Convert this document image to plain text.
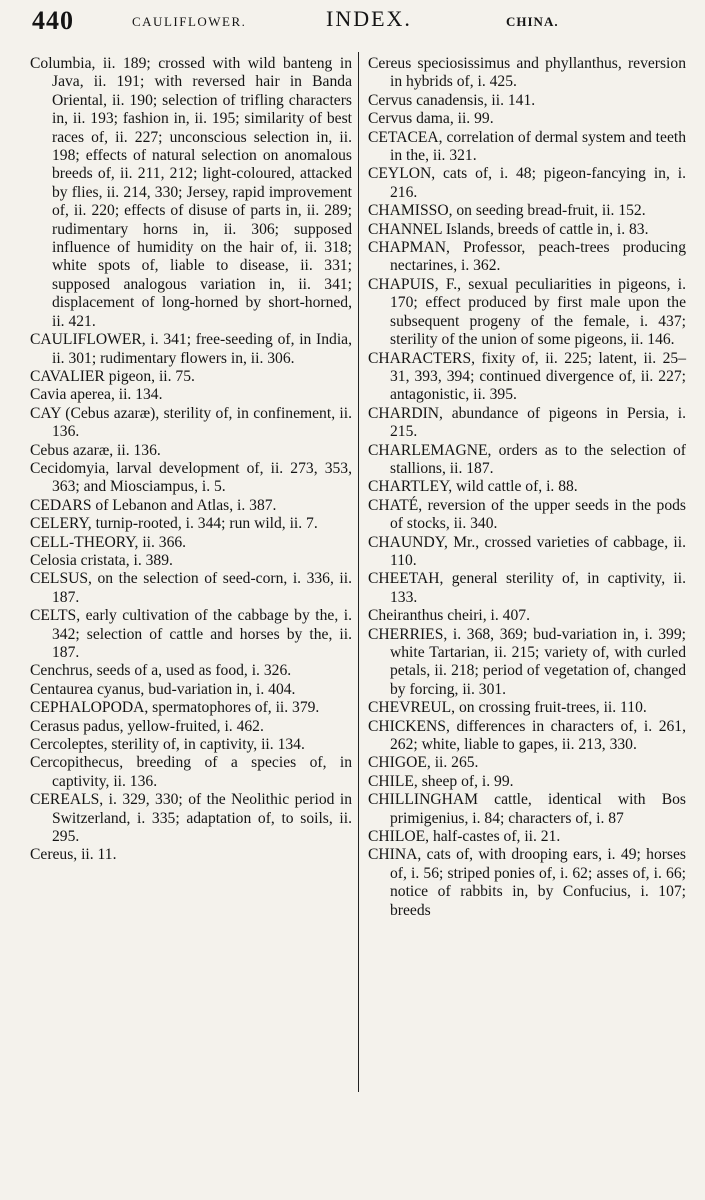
440	CAULIFLOWER.	INDEX.	CHINA.

Columbia, ii. 189; crossed with wild banteng in Java, ii. 191; with reversed hair in Banda Oriental, ii. 190; selection of trifling characters in, ii. 193; fashion in, ii. 195; similarity of best races of, ii. 227; unconscious selection in, ii. 198; effects of natural selection on anomalous breeds of, ii. 211, 212; light-coloured, attacked by flies, ii. 214, 330; Jersey, rapid improvement of, ii. 220; effects of disuse of parts in, ii. 289; rudimentary horns in, ii. 306; supposed influence of humidity on the hair of, ii. 318; white spots of, liable to disease, ii. 331; supposed analogous variation in, ii. 341; displacement of long-horned by short-horned, ii. 421.

CAULIFLOWER, i. 341; free-seeding of, in India, ii. 301; rudimentary flowers in, ii. 306.

CAVALIER pigeon, ii. 75.

Cavia aperea, ii. 134.

CAY (Cebus azaræ), sterility of, in confinement, ii. 136.

Cebus azaræ, ii. 136.

Cecidomyia, larval development of, ii. 273, 353, 363; and Miosciampus, i. 5.

CEDARS of Lebanon and Atlas, i. 387.

CELERY, turnip-rooted, i. 344; run wild, ii. 7.

CELL-THEORY, ii. 366.

Celosia cristata, i. 389.

CELSUS, on the selection of seed-corn, i. 336, ii. 187.

CELTS, early cultivation of the cabbage by the, i. 342; selection of cattle and horses by the, ii. 187.

Cenchrus, seeds of a, used as food, i. 326.

Centaurea cyanus, bud-variation in, i. 404.

CEPHALOPODA, spermatophores of, ii. 379.

Cerasus padus, yellow-fruited, i. 462.

Cercoleptes, sterility of, in captivity, ii. 134.

Cercopithecus, breeding of a species of, in captivity, ii. 136.

CEREALS, i. 329, 330; of the Neolithic period in Switzerland, i. 335; adaptation of, to soils, ii. 295.

Cereus, ii. 11.

Cereus speciosissimus and phyllanthus, reversion in hybrids of, i. 425.

Cervus canadensis, ii. 141.

Cervus dama, ii. 99.

CETACEA, correlation of dermal system and teeth in the, ii. 321.

CEYLON, cats of, i. 48; pigeon-fancying in, i. 216.

CHAMISSO, on seeding bread-fruit, ii. 152.

CHANNEL Islands, breeds of cattle in, i. 83.

CHAPMAN, Professor, peach-trees producing nectarines, i. 362.

CHAPUIS, F., sexual peculiarities in pigeons, i. 170; effect produced by first male upon the subsequent progeny of the female, i. 437; sterility of the union of some pigeons, ii. 146.

CHARACTERS, fixity of, ii. 225; latent, ii. 25–31, 393, 394; continued divergence of, ii. 227; antagonistic, ii. 395.

CHARDIN, abundance of pigeons in Persia, i. 215.

CHARLEMAGNE, orders as to the selection of stallions, ii. 187.

CHARTLEY, wild cattle of, i. 88.

CHATÉ, reversion of the upper seeds in the pods of stocks, ii. 340.

CHAUNDY, Mr., crossed varieties of cabbage, ii. 110.

CHEETAH, general sterility of, in captivity, ii. 133.

Cheiranthus cheiri, i. 407.

CHERRIES, i. 368, 369; bud-variation in, i. 399; white Tartarian, ii. 215; variety of, with curled petals, ii. 218; period of vegetation of, changed by forcing, ii. 301.

CHEVREUL, on crossing fruit-trees, ii. 110.

CHICKENS, differences in characters of, i. 261, 262; white, liable to gapes, ii. 213, 330.

CHIGOE, ii. 265.

CHILE, sheep of, i. 99.

CHILLINGHAM cattle, identical with Bos primigenius, i. 84; characters of, i. 87

CHILOE, half-castes of, ii. 21.

CHINA, cats of, with drooping ears, i. 49; horses of, i. 56; striped ponies of, i. 62; asses of, i. 66; notice of rabbits in, by Confucius, i. 107; breeds
